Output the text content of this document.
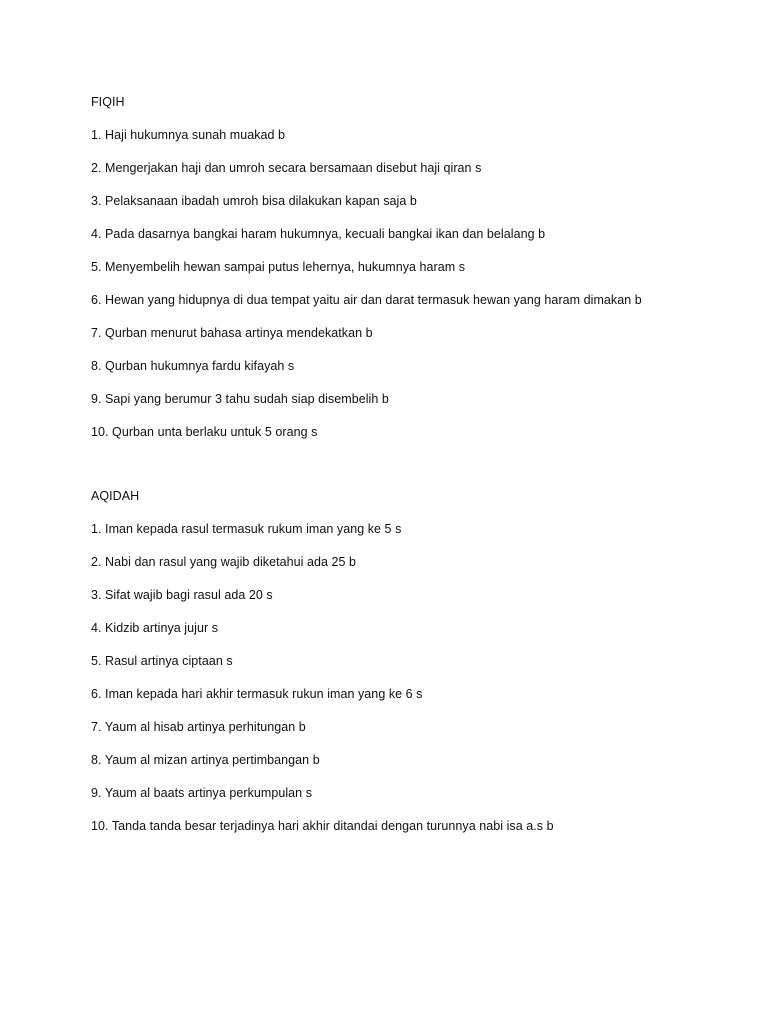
FIQIH
1. Haji hukumnya sunah muakad b
2. Mengerjakan haji dan umroh secara bersamaan disebut haji qiran s
3. Pelaksanaan ibadah umroh bisa dilakukan kapan saja b
4. Pada dasarnya bangkai haram hukumnya, kecuali bangkai ikan dan belalang b
5. Menyembelih hewan sampai putus lehernya, hukumnya haram s
6. Hewan yang hidupnya di dua tempat yaitu air dan darat termasuk hewan yang haram dimakan b
7. Qurban menurut bahasa artinya mendekatkan b
8. Qurban hukumnya fardu kifayah s
9. Sapi yang berumur 3 tahu sudah siap disembelih b
10. Qurban unta berlaku untuk 5 orang s
AQIDAH
1. Iman kepada rasul termasuk rukum iman yang ke 5 s
2. Nabi dan rasul yang wajib diketahui ada 25 b
3. Sifat wajib bagi rasul ada 20 s
4. Kidzib artinya jujur s
5. Rasul artinya ciptaan s
6. Iman kepada hari akhir termasuk rukun iman yang ke 6 s
7. Yaum al hisab artinya perhitungan b
8. Yaum al mizan artinya pertimbangan b
9. Yaum al baats artinya perkumpulan s
10. Tanda tanda besar terjadinya hari akhir ditandai dengan turunnya nabi isa a.s b
